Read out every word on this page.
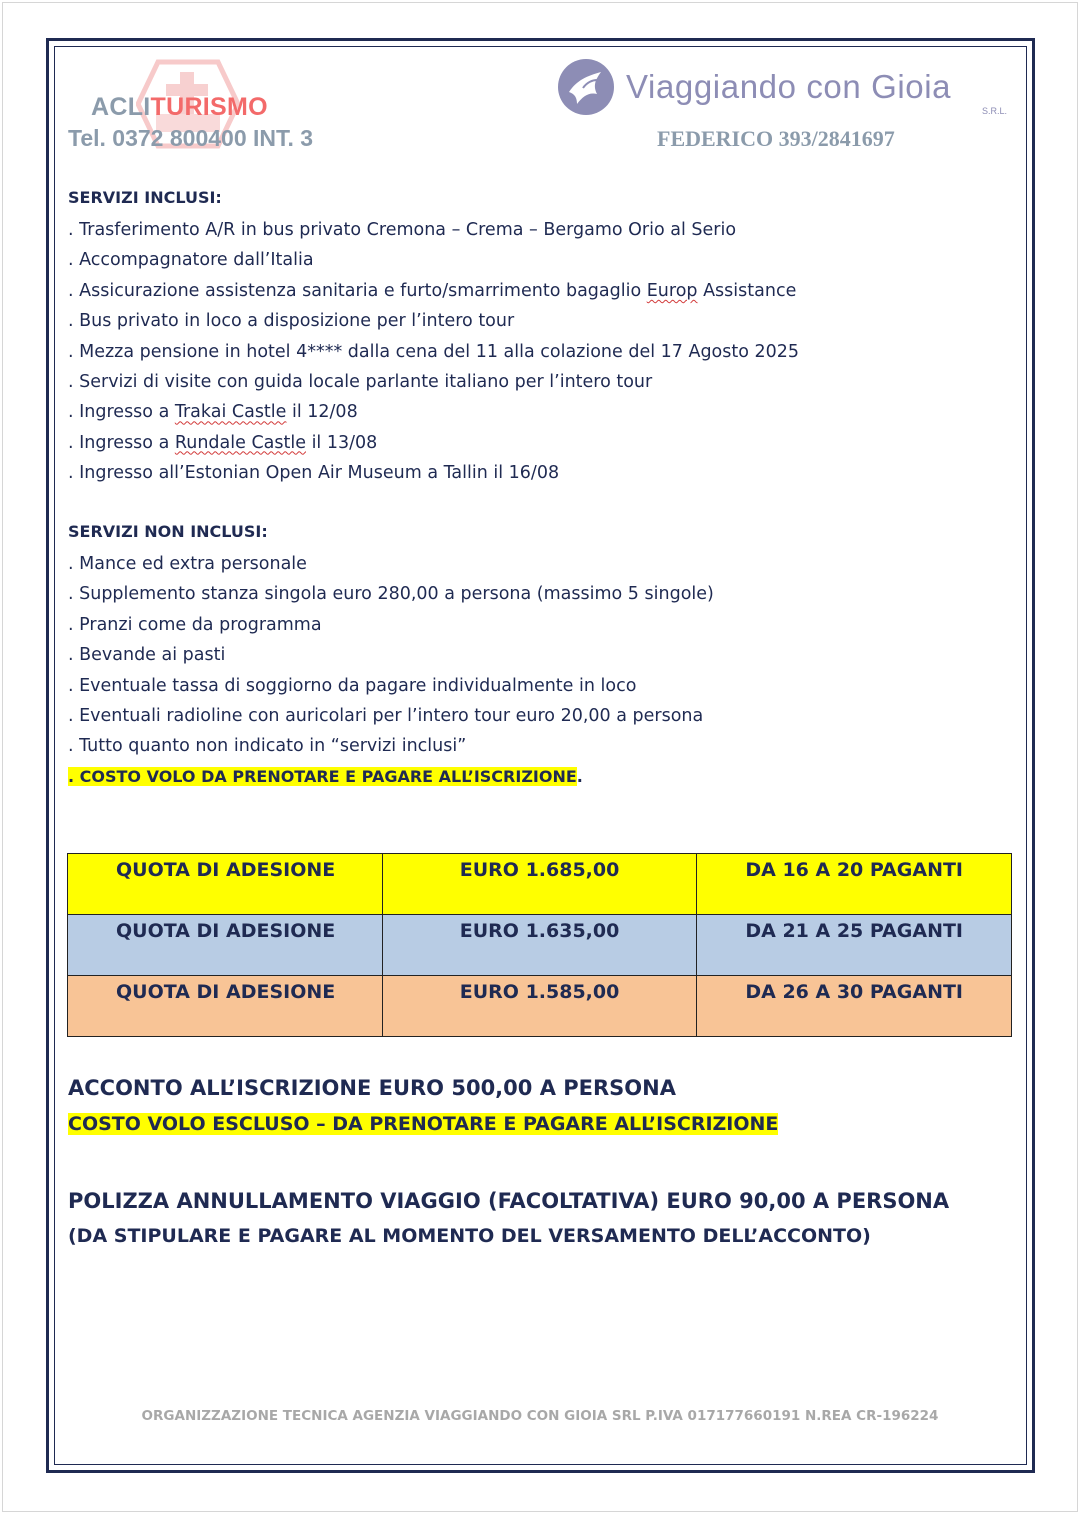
ACLITURISMO
Tel. 0372 800400 INT. 3
Viaggiando con Gioia
S.R.L.
FEDERICO 393/2841697
SERVIZI INCLUSI:
. Trasferimento A/R in bus privato Cremona – Crema – Bergamo Orio al Serio
. Accompagnatore dall’Italia
. Assicurazione assistenza sanitaria e furto/smarrimento bagaglio Europ Assistance
. Bus privato in loco a disposizione per l’intero tour
. Mezza pensione in hotel 4**** dalla cena del 11 alla colazione del 17 Agosto 2025
. Servizi di visite con guida locale parlante italiano per l’intero tour
. Ingresso a Trakai Castle il 12/08
. Ingresso a Rundale Castle il 13/08
. Ingresso all’Estonian Open Air Museum a Tallin il 16/08
SERVIZI NON INCLUSI:
. Mance ed extra personale
. Supplemento stanza singola euro 280,00 a persona (massimo 5 singole)
. Pranzi come da programma
. Bevande ai pasti
. Eventuale tassa di soggiorno da pagare individualmente in loco
. Eventuali radioline con auricolari per l’intero tour euro 20,00 a persona
. Tutto quanto non indicato in “servizi inclusi”
. COSTO VOLO DA PRENOTARE E PAGARE ALL’ISCRIZIONE.
QUOTA DI ADESIONE	EURO 1.685,00	DA 16 A 20 PAGANTI
QUOTA DI ADESIONE	EURO 1.635,00	DA 21 A 25 PAGANTI
QUOTA DI ADESIONE	EURO 1.585,00	DA 26 A 30 PAGANTI
ACCONTO ALL’ISCRIZIONE EURO 500,00 A PERSONA
COSTO VOLO ESCLUSO – DA PRENOTARE E PAGARE ALL’ISCRIZIONE
POLIZZA ANNULLAMENTO VIAGGIO (FACOLTATIVA) EURO 90,00 A PERSONA
(DA STIPULARE E PAGARE AL MOMENTO DEL VERSAMENTO DELL’ACCONTO)
ORGANIZZAZIONE TECNICA AGENZIA VIAGGIANDO CON GIOIA SRL P.IVA 017177660191 N.REA CR-196224
